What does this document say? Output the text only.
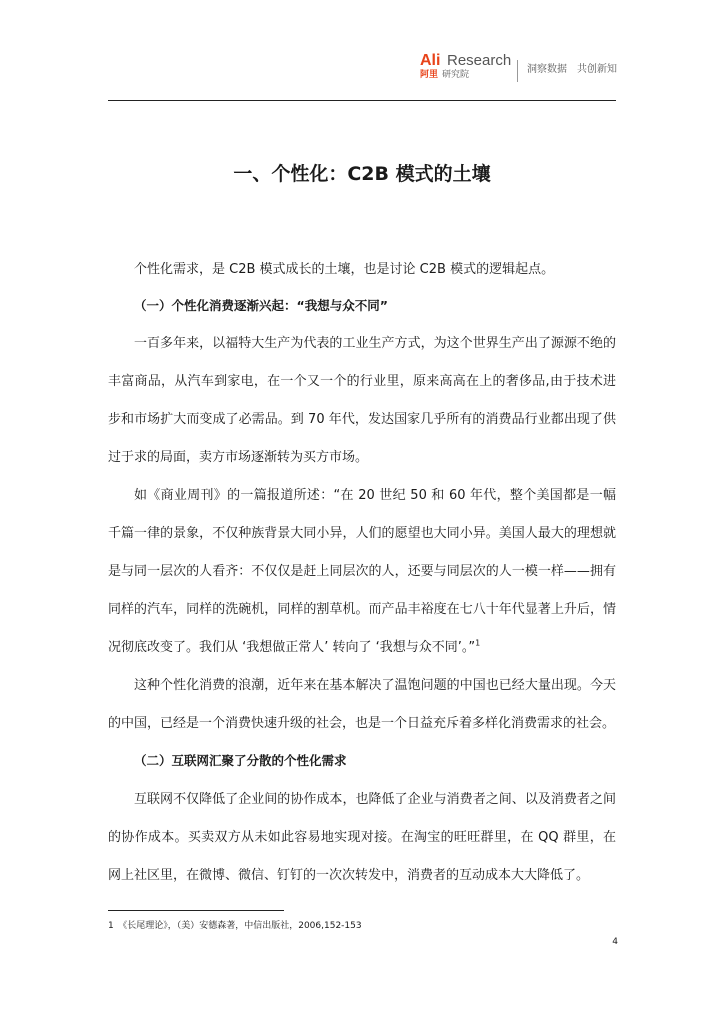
Ali Research
阿里 研究院	洞察数据　共创新知
一、个性化：C2B 模式的土壤

个性化需求，是 C2B 模式成长的土壤，也是讨论 C2B 模式的逻辑起点。

（一）个性化消费逐渐兴起：“我想与众不同”

一百多年来，以福特大生产为代表的工业生产方式，为这个世界生产出了源源不绝的丰富商品，从汽车到家电，在一个又一个的行业里，原来高高在上的奢侈品,由于技术进步和市场扩大而变成了必需品。到 70 年代，发达国家几乎所有的消费品行业都出现了供过于求的局面，卖方市场逐渐转为买方市场。

如《商业周刊》的一篇报道所述：“在 20 世纪 50 和 60 年代，整个美国都是一幅千篇一律的景象，不仅种族背景大同小异，人们的愿望也大同小异。美国人最大的理想就是与同一层次的人看齐：不仅仅是赶上同层次的人，还要与同层次的人一模一样——拥有同样的汽车，同样的洗碗机，同样的割草机。而产品丰裕度在七八十年代显著上升后，情况彻底改变了。我们从 ‘我想做正常人’ 转向了 ‘我想与众不同’。”$^1$

这种个性化消费的浪潮，近年来在基本解决了温饱问题的中国也已经大量出现。今天的中国，已经是一个消费快速升级的社会，也是一个日益充斥着多样化消费需求的社会。

（二）互联网汇聚了分散的个性化需求

互联网不仅降低了企业间的协作成本，也降低了企业与消费者之间、以及消费者之间的协作成本。买卖双方从未如此容易地实现对接。在淘宝的旺旺群里，在 QQ 群里，在网上社区里，在微博、微信、钉钉的一次次转发中，消费者的互动成本大大降低了。

1　《长尾理论》，（美）安德森著，中信出版社，2006,152-153
4
